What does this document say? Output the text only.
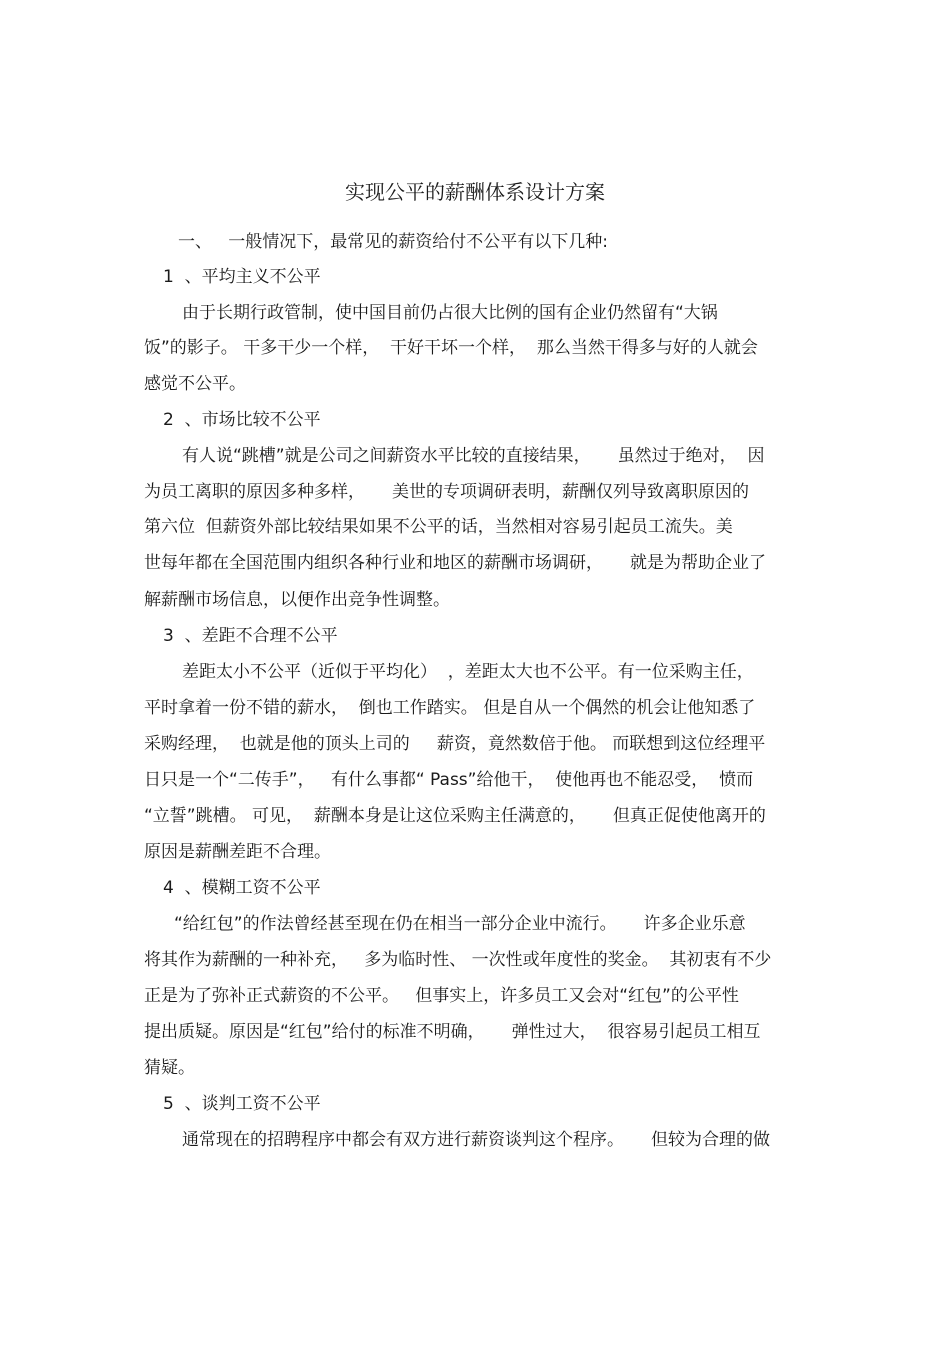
实现公平的薪酬体系设计方案
一、   一般情况下，最常见的薪资给付不公平有以下几种:
1  、平均主义不公平
由于长期行政管制，使中国目前仍占很大比例的国有企业仍然留有“大锅
饭”的影子。 干多干少一个样，  干好干坏一个样，  那么当然干得多与好的人就会
感觉不公平。
2  、市场比较不公平
有人说“跳槽”就是公司之间薪资水平比较的直接结果，     虽然过于绝对，  因
为员工离职的原因多种多样，     美世的专项调研表明，薪酬仅列导致离职原因的
第六位  但薪资外部比较结果如果不公平的话，当然相对容易引起员工流失。美
世每年都在全国范围内组织各种行业和地区的薪酬市场调研，     就是为帮助企业了
解薪酬市场信息，以便作出竞争性调整。
3  、差距不合理不公平
差距太小不公平（近似于平均化）  ，差距太大也不公平。有一位采购主任，
平时拿着一份不错的薪水，  倒也工作踏实。 但是自从一个偶然的机会让他知悉了
采购经理，  也就是他的顶头上司的     薪资，竟然数倍于他。 而联想到这位经理平
日只是一个“二传手”，   有什么事都“ Pass”给他干，  使他再也不能忍受，  愤而
“立誓”跳槽。 可见，  薪酬本身是让这位采购主任满意的，     但真正促使他离开的
原因是薪酬差距不合理。
4  、模糊工资不公平
“给红包”的作法曾经甚至现在仍在相当一部分企业中流行。     许多企业乐意
将其作为薪酬的一种补充，   多为临时性、 一次性或年度性的奖金。  其初衷有不少
正是为了弥补正式薪资的不公平。   但事实上，许多员工又会对“红包”的公平性
提出质疑。原因是“红包”给付的标准不明确，     弹性过大，  很容易引起员工相互
猜疑。
5  、谈判工资不公平
通常现在的招聘程序中都会有双方进行薪资谈判这个程序。     但较为合理的做
